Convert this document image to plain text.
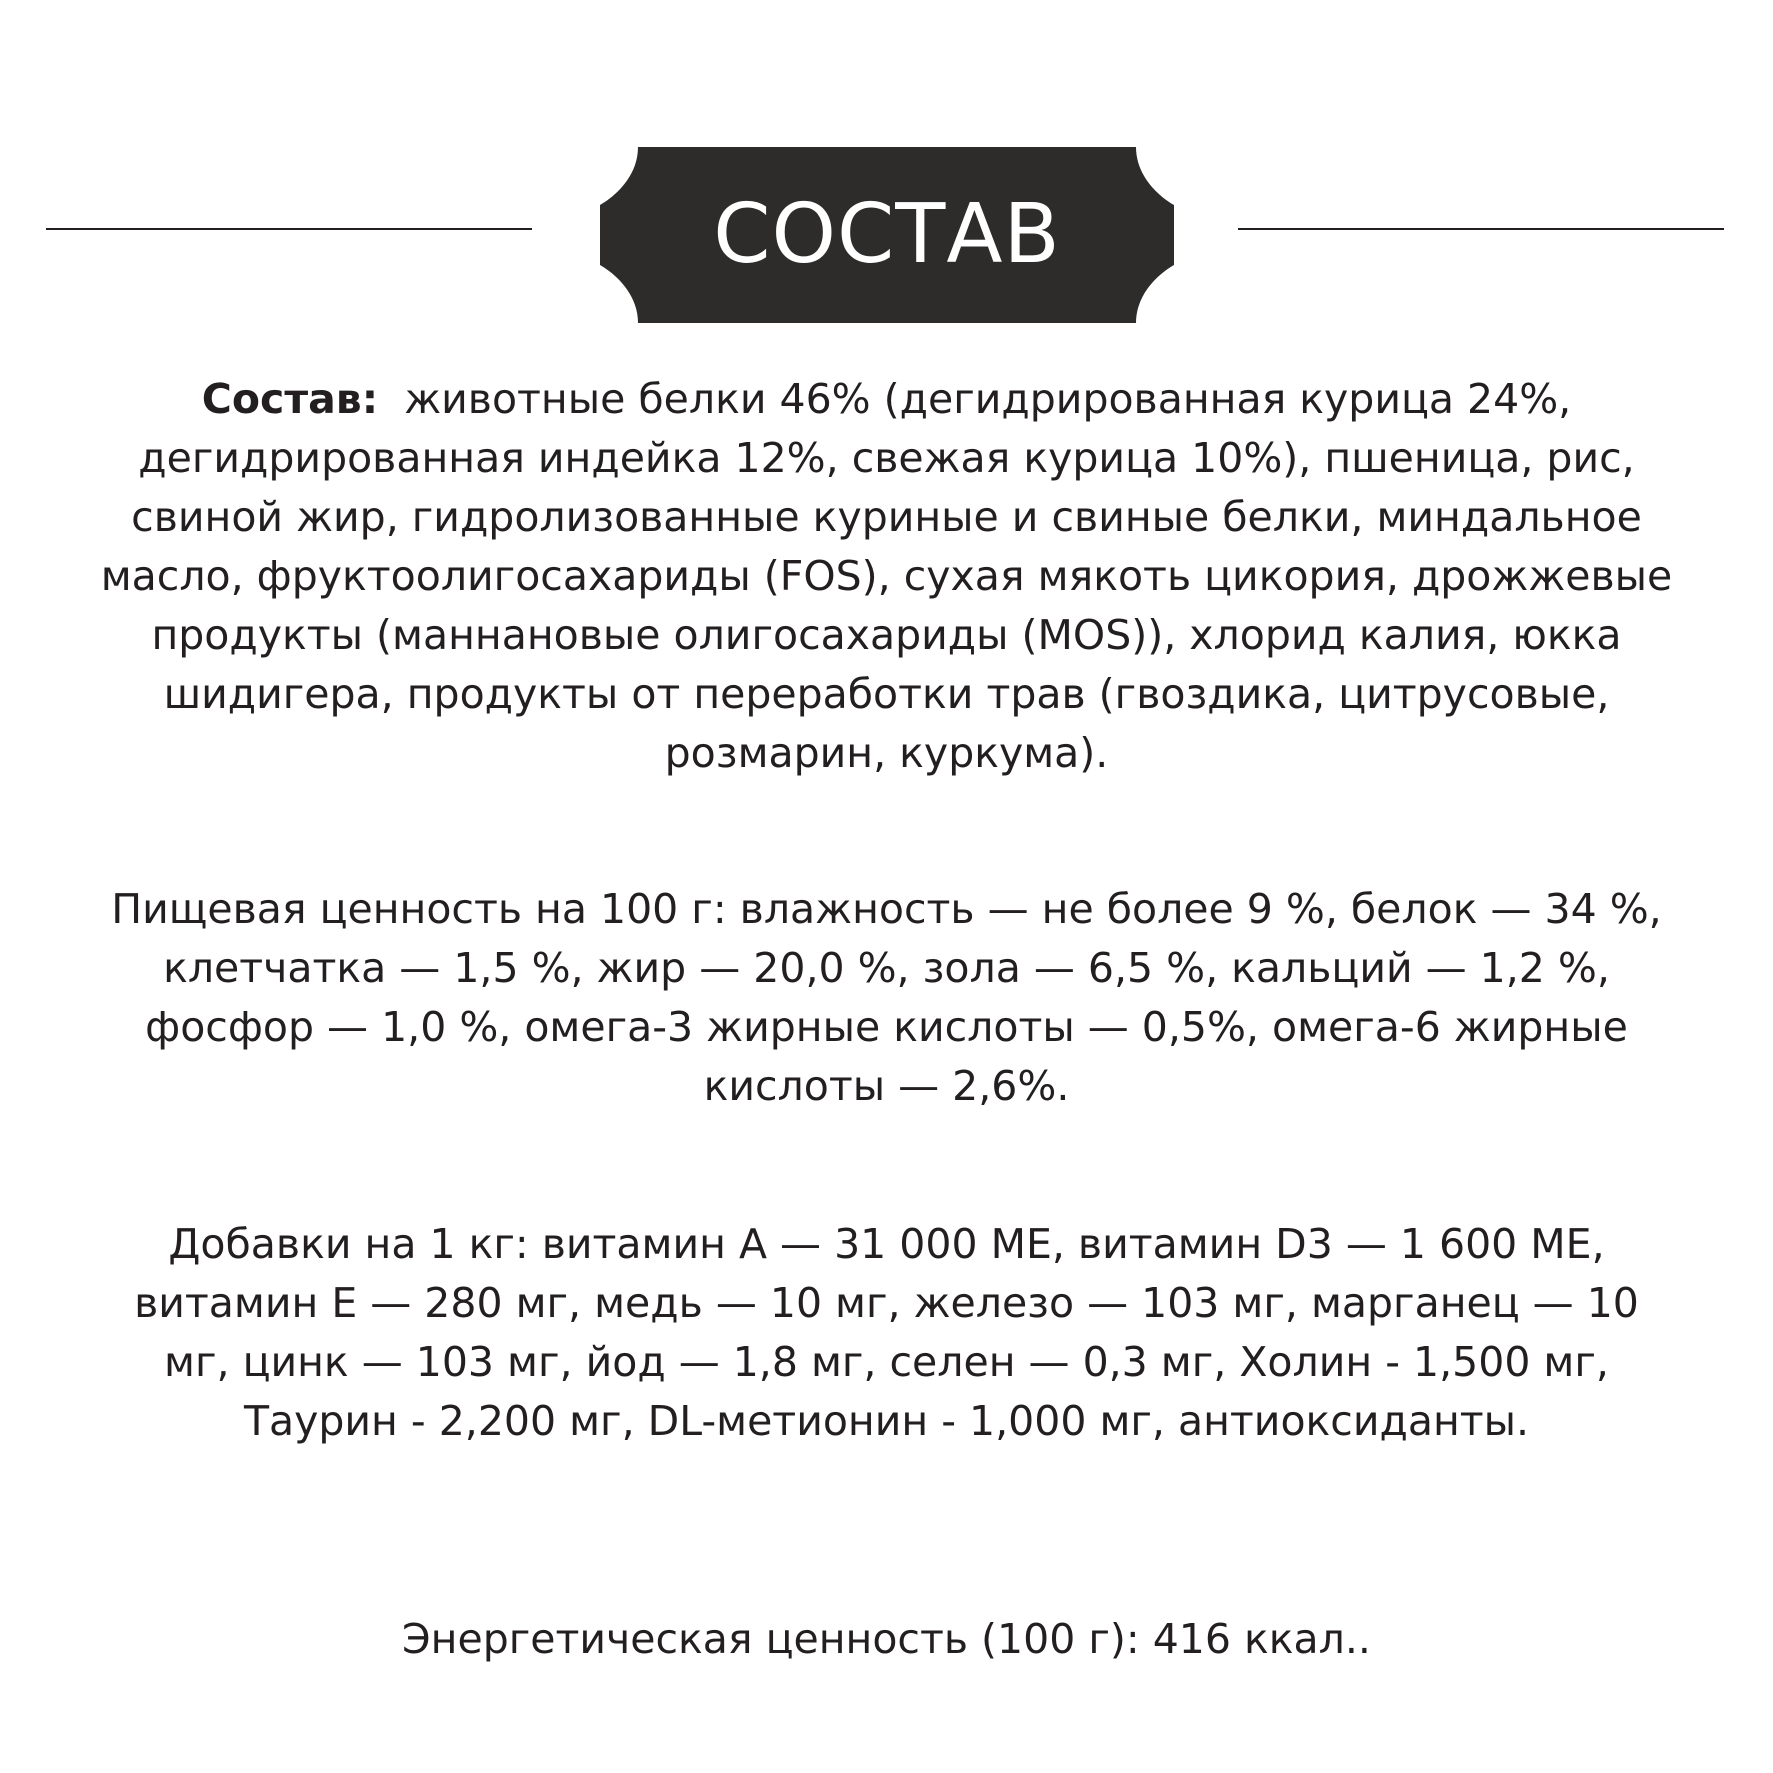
СОСТАВ

Состав: животные белки 46% (дегидрированная курица 24%, дегидрированная индейка 12%, свежая курица 10%), пшеница, рис, свиной жир, гидролизованные куриные и свиные белки, миндальное масло, фруктоолигосахариды (FOS), сухая мякоть цикория, дрожжевые продукты (маннановые олигосахариды (MOS)), хлорид калия, юкка шидигера, продукты от переработки трав (гвоздика, цитрусовые, розмарин, куркума).

Пищевая ценность на 100 г: влажность — не более 9 %, белок — 34 %, клетчатка — 1,5 %, жир — 20,0 %, зола — 6,5 %, кальций — 1,2 %, фосфор — 1,0 %, омега-3 жирные кислоты — 0,5%, омега-6 жирные кислоты — 2,6%.

Добавки на 1 кг: витамин А — 31 000 МЕ, витамин D3 — 1 600 МЕ, витамин Е — 280 мг, медь — 10 мг, железо — 103 мг, марганец — 10 мг, цинк — 103 мг, йод — 1,8 мг, селен — 0,3 мг, Холин - 1,500 мг, Таурин - 2,200 мг, DL-метионин - 1,000 мг, антиоксиданты.

Энергетическая ценность (100 г): 416 ккал..
